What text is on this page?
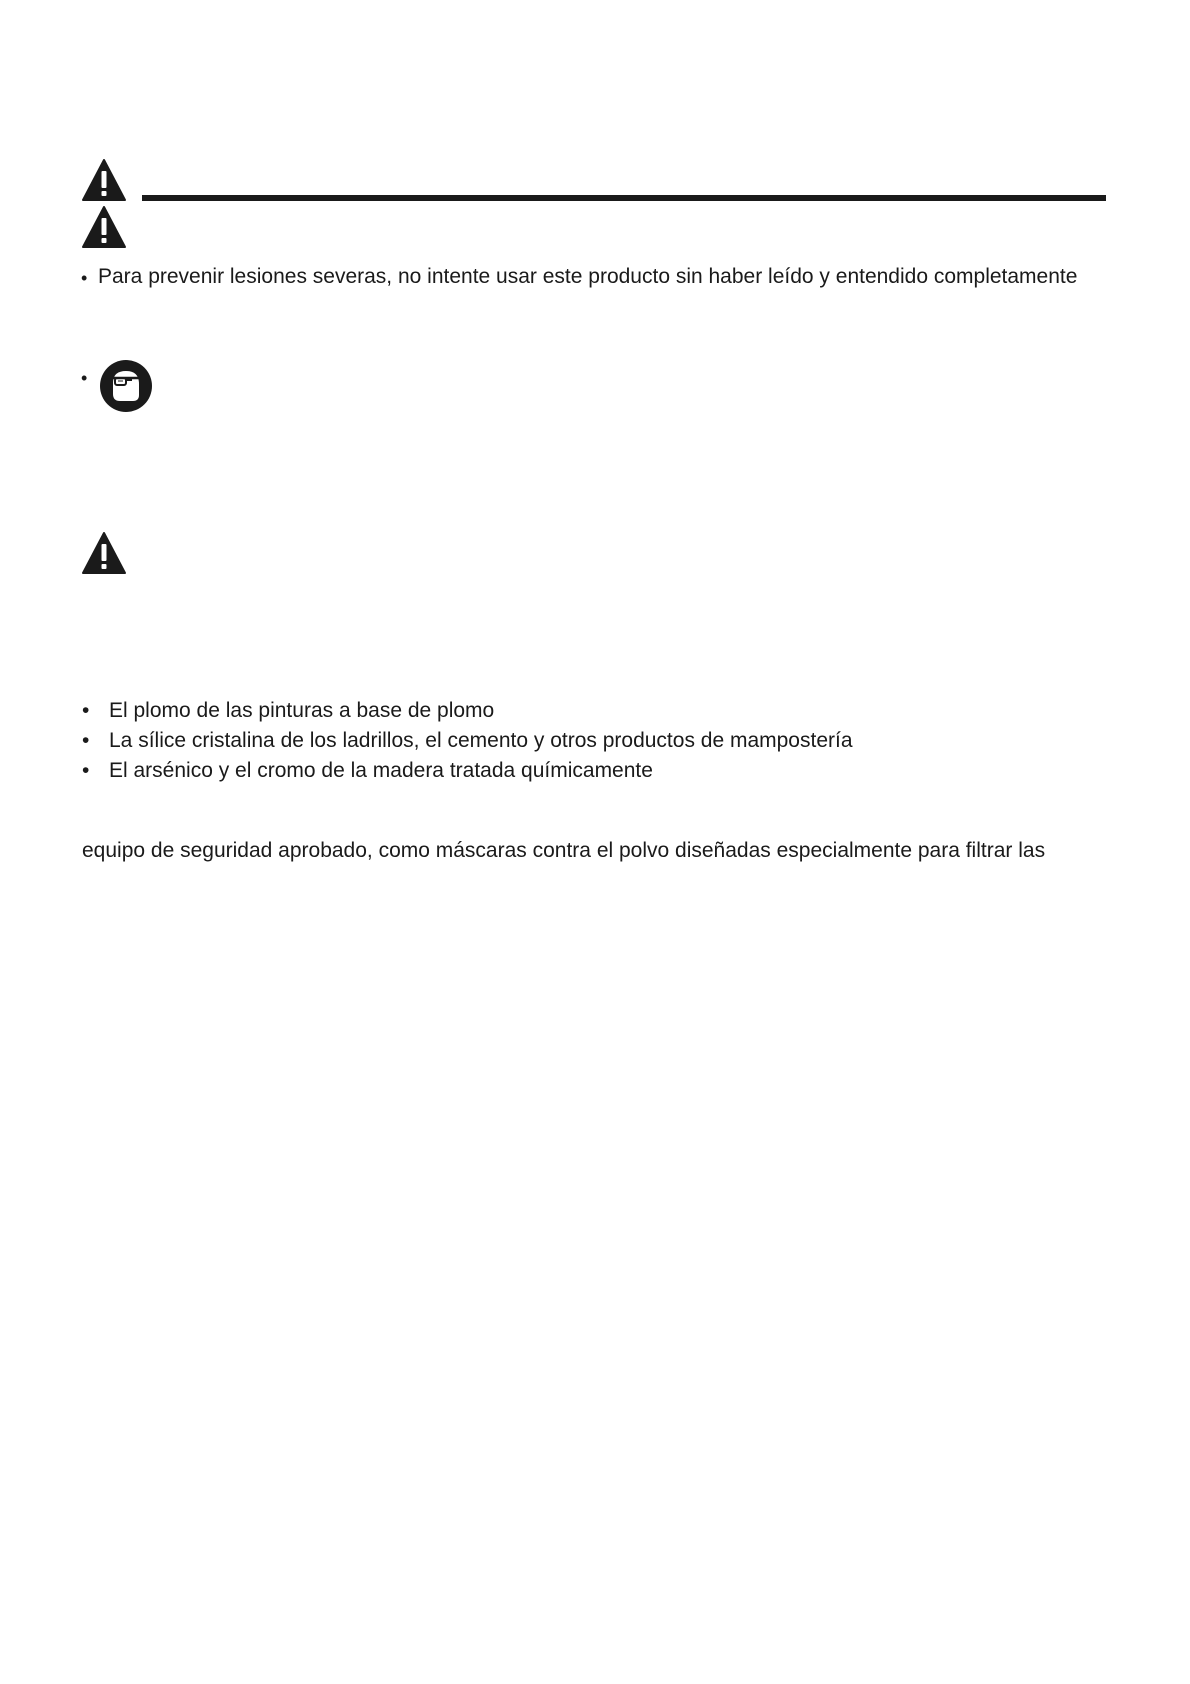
• Para prevenir lesiones severas, no intente usar este producto sin haber leído y entendido completamente
•
• El plomo de las pinturas a base de plomo
• La sílice cristalina de los ladrillos, el cemento y otros productos de mampostería
• El arsénico y el cromo de la madera tratada químicamente
equipo de seguridad aprobado, como máscaras contra el polvo diseñadas especialmente para filtrar las
